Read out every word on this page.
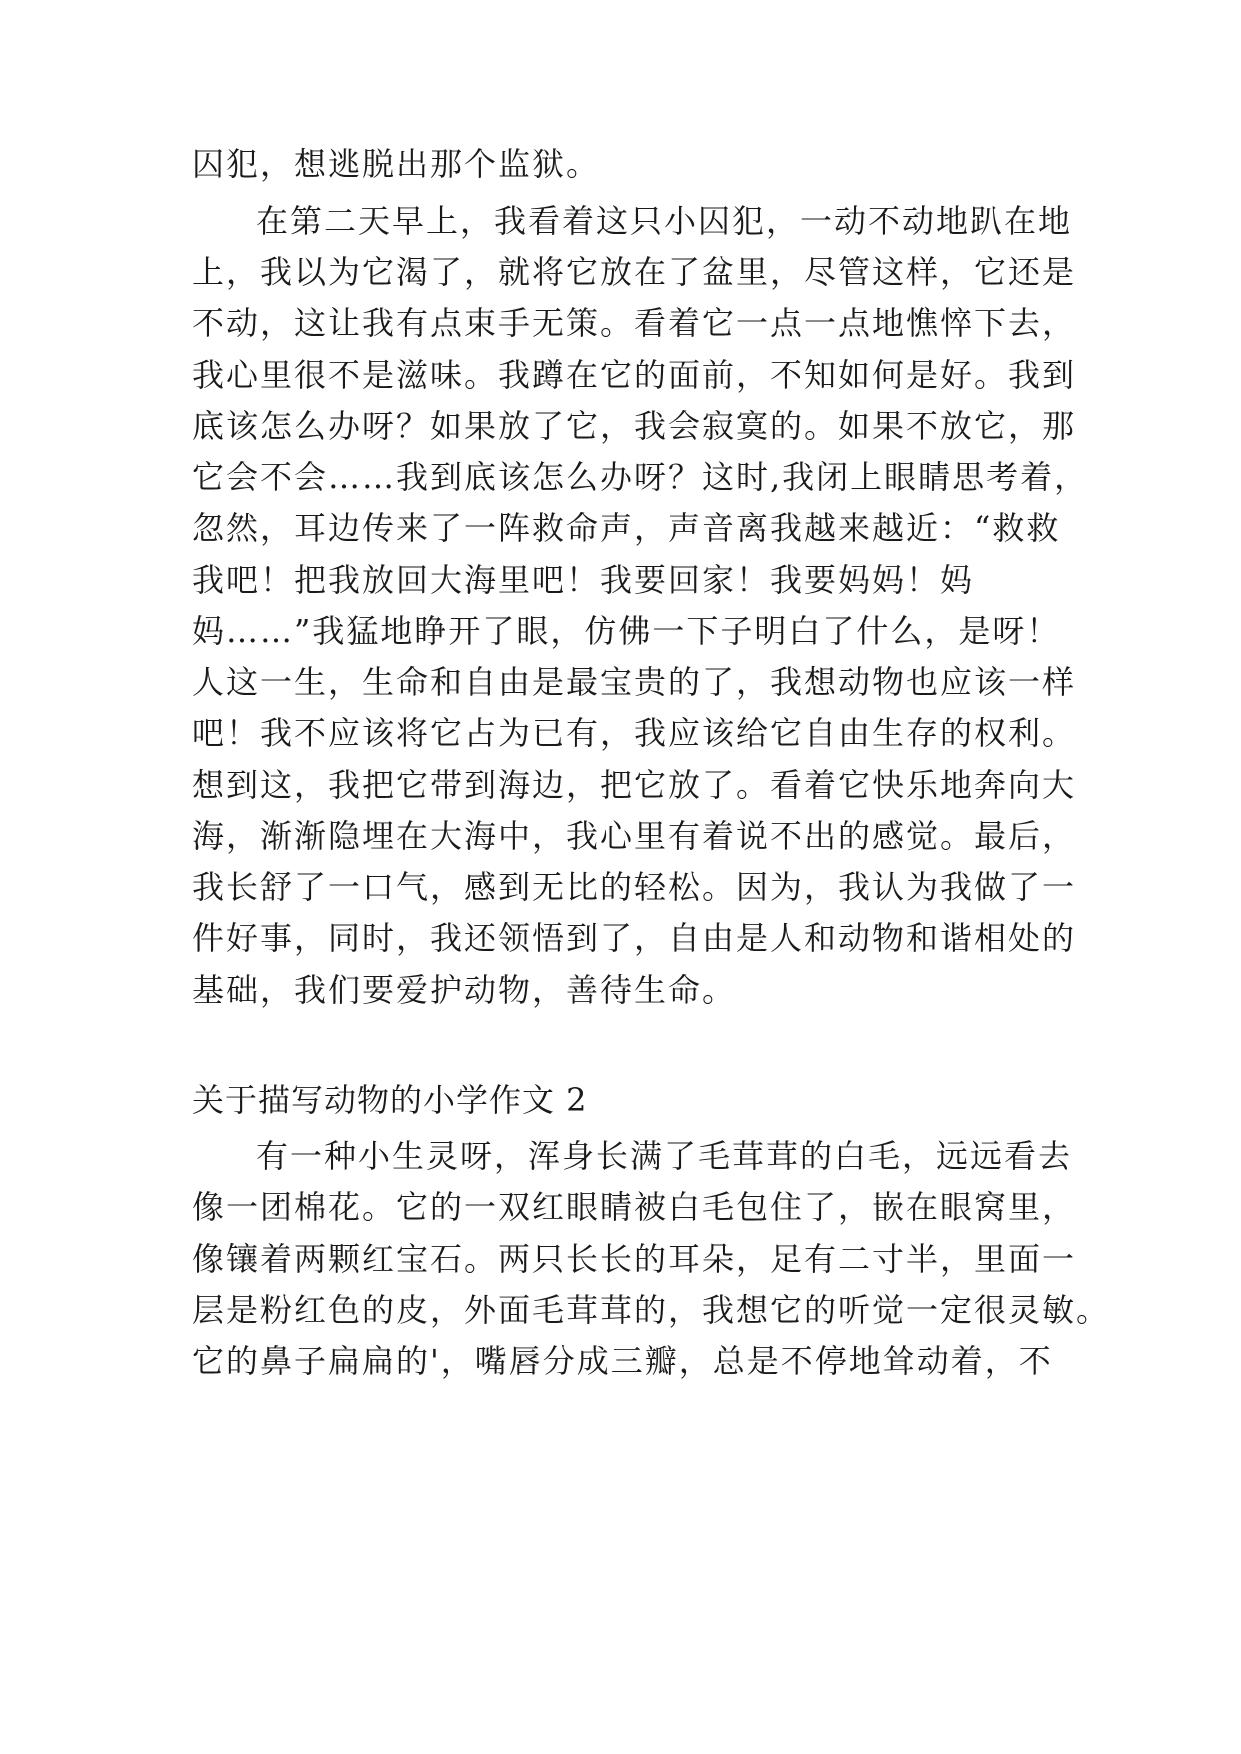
囚犯，想逃脱出那个监狱。
在第二天早上，我看着这只小囚犯，一动不动地趴在地
上，我以为它渴了，就将它放在了盆里，尽管这样，它还是
不动，这让我有点束手无策。看着它一点一点地憔悴下去，
我心里很不是滋味。我蹲在它的面前，不知如何是好。我到
底该怎么办呀？如果放了它，我会寂寞的。如果不放它，那
它会不会……我到底该怎么办呀？这时,我闭上眼睛思考着，
忽然，耳边传来了一阵救命声，声音离我越来越近：“救救
我吧！把我放回大海里吧！我要回家！我要妈妈！妈
妈……”我猛地睁开了眼，仿佛一下子明白了什么，是呀！
人这一生，生命和自由是最宝贵的了，我想动物也应该一样
吧！我不应该将它占为已有，我应该给它自由生存的权利。
想到这，我把它带到海边，把它放了。看着它快乐地奔向大
海，渐渐隐埋在大海中，我心里有着说不出的感觉。最后，
我长舒了一口气，感到无比的轻松。因为，我认为我做了一
件好事，同时，我还领悟到了，自由是人和动物和谐相处的
基础，我们要爱护动物，善待生命。
关于描写动物的小学作文 2
有一种小生灵呀，浑身长满了毛茸茸的白毛，远远看去
像一团棉花。它的一双红眼睛被白毛包住了，嵌在眼窝里，
像镶着两颗红宝石。两只长长的耳朵，足有二寸半，里面一
层是粉红色的皮，外面毛茸茸的，我想它的听觉一定很灵敏。
它的鼻子扁扁的'，嘴唇分成三瓣，总是不停地耸动着，不
